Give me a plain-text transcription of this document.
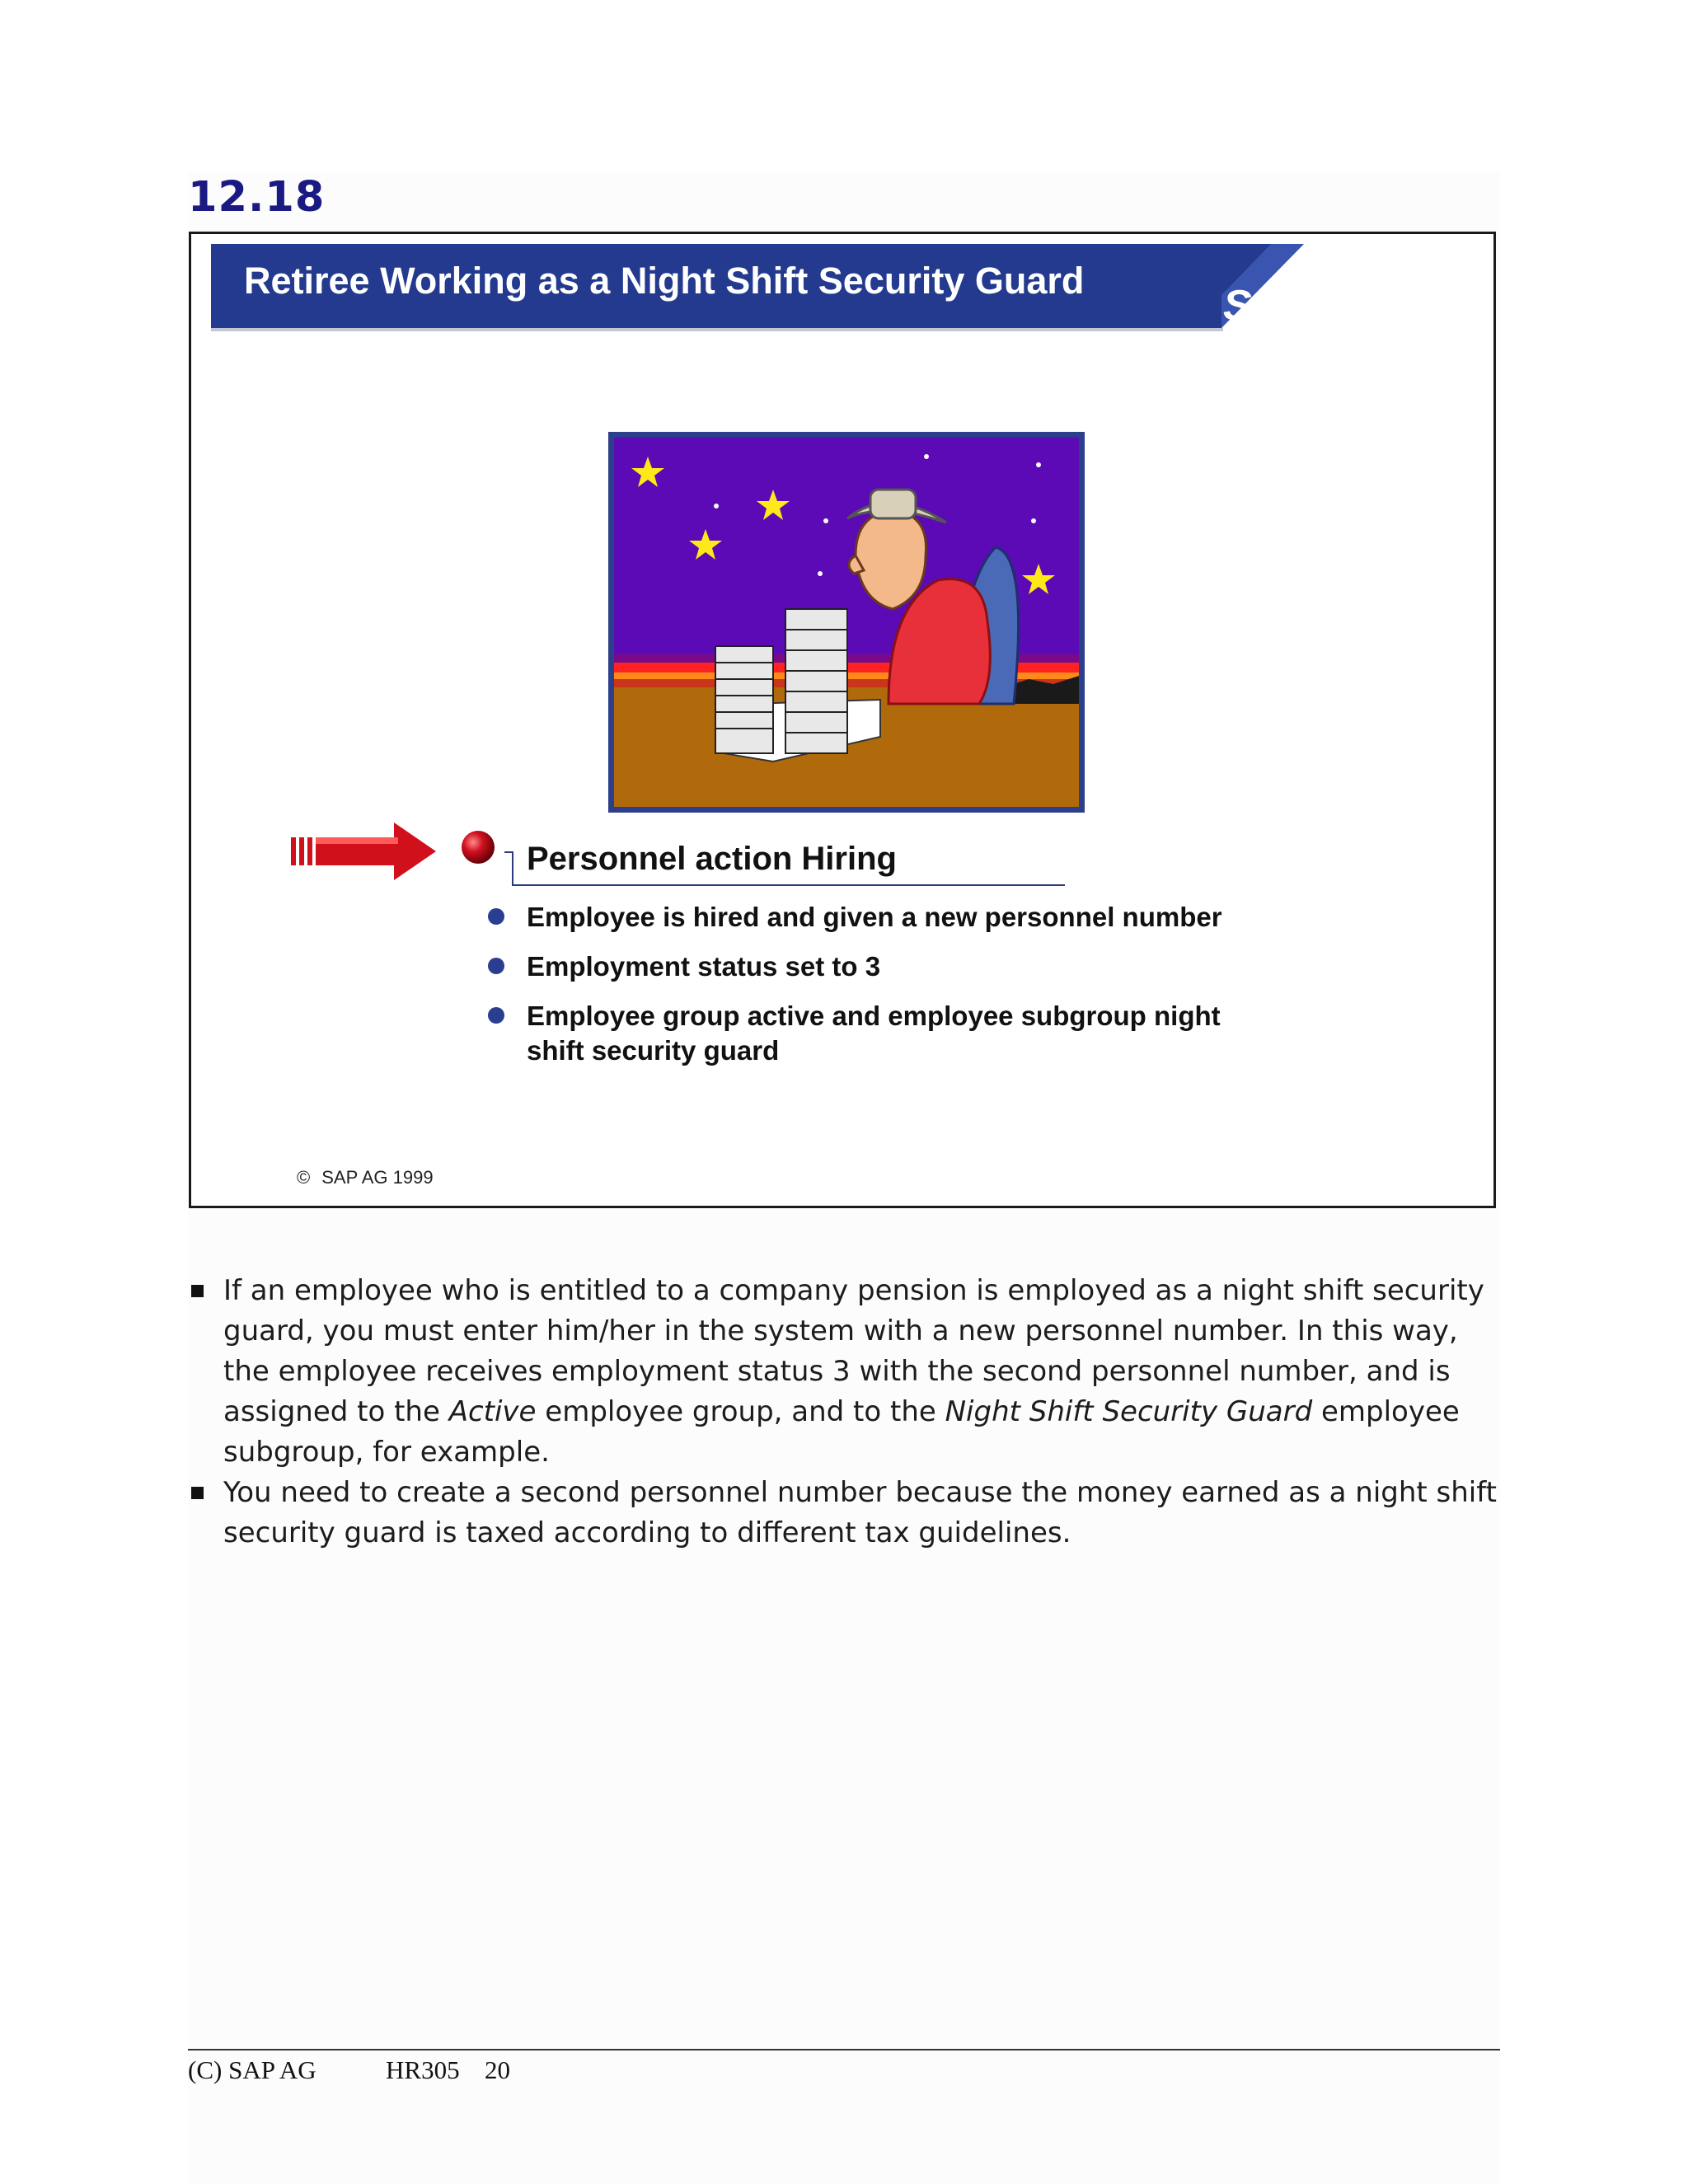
12.18
Retiree Working as a Night Shift Security Guard
SAP
Personnel action Hiring
Employee is hired and given a new personnel number
Employment status set to 3
Employee group active and employee subgroup night shift security guard
© SAP AG 1999
If an employee who is entitled to a company pension is employed as a night shift security guard, you must enter him/her in the system with a new personnel number. In this way, the employee receives employment status 3 with the second personnel number, and is assigned to the Active employee group, and to the Night Shift Security Guard employee subgroup, for example.
You need to create a second personnel number because the money earned as a night shift security guard is taxed according to different tax guidelines.
(C) SAP AG	HR305 20
